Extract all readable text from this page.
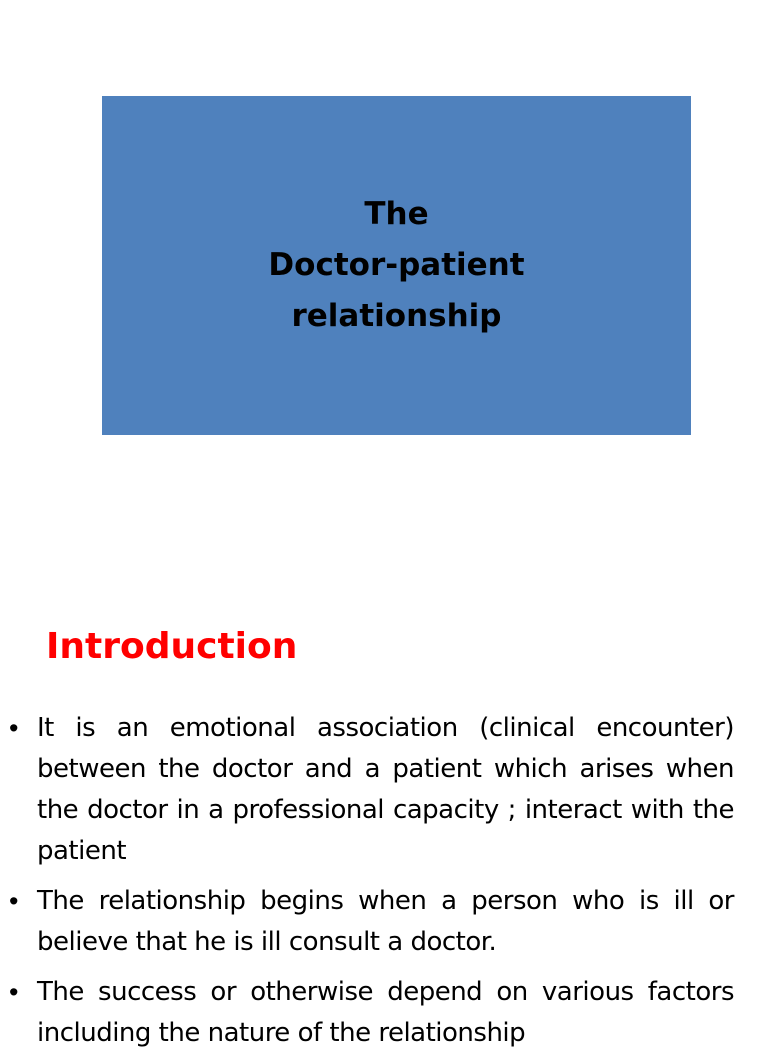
The
Doctor-patient
relationship
Introduction
• It is an emotional association (clinical encounter) between the doctor and a patient which arises when the doctor in a professional capacity ; interact with the patient
• The relationship begins when a person who is ill or believe that he is ill consult a doctor.
• The success or otherwise depend on various factors including the nature of the relationship
